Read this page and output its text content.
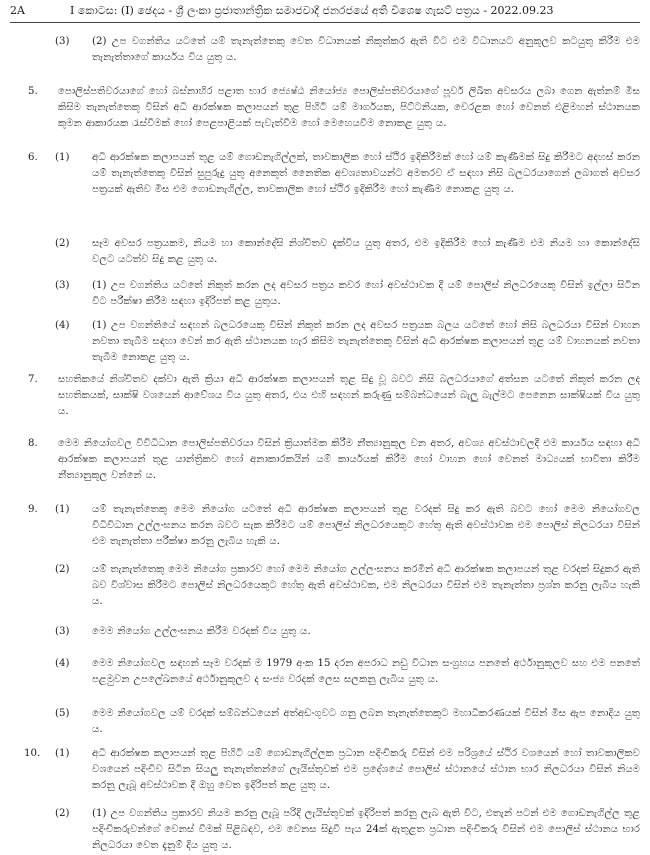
2A	I කොටස: (I) ඡෙදය - ශ්‍රී ලංකා ප්‍රජාතාන්ත්‍රික සමාජවාදී ජනරජයේ අති විශෙෂ ගැසට් පත්‍රය - 2022.09.23
(3) (2) උප වගන්තිය යටතේ යම් තැනැත්තෙකු වෙත විධානයක් නිකුත්කර ඇති විට එම විධානයට අනුකූලව කටයුතු කිරීම එම තැනැත්තාගේ කාර්යය විය යුතු ය.
5. පොලිස්පතිවරයාගේ හෝ බස්නාහිර පළාත භාර ජ්‍යෙෂ්ඨ නියෝජ්‍ය පොලිස්පතිවරයාගේ පූර්ව ලිඛිත අවසරය ලබා ගෙන ඇත්නම් මිස කිසිම තැනැත්තෙකු විසින් අධි ආරක්ෂක කලාපයන් තුළ පිහිටි යම් මාර්ගයක, පිට්ටනියක, වෙරළක හෝ වෙනත් එළිමහන් ස්ථානයක කුමන ආකාරයක රැස්වීමක් හෝ පෙළපාළියක් පැවැත්වීම හෝ මෙහෙයවීම නොකළ යුතු ය.
6. (1) අධි ආරක්ෂක කලාපයන් තුළ යම් ගොඩනැගිල්ලක්, තාවකාලික හෝ ස්ථිර ඉදිකිරීමක් හෝ යම් කැණීමක් සිදු කිරීමට අදහස් කරන යම් තැනැත්තෙකු විසින් සුපුරුදු යුතු අනෙකුත් නෛතික අවශ්‍යතාවයන්ට අමතරව ඒ සඳහා නිසි බලධරයාගෙන් ලබාගත් අවසර පත්‍රයක් ඇතිව මිස එම ගොඩනැගිල්ල, තාවකාලික හෝ ස්ථිර ඉදිකිරීම හෝ කැණීම නොකළ යුතු ය.
(2) සෑම අවසර පත්‍රයකම, නියම හා කොන්දේසි නිශ්චිතව දැක්විය යුතු අතර, එම ඉදිකිරීම හෝ කැණීම එම නියම හා කොන්දේසි වලට යටත්ව සිදු කළ යුතු ය.
(3) (1) උප වගන්තිය යටතේ නිකුත් කරන ලද අවසර පත්‍රය කවර හෝ අවස්ථාවක දී යම් පොලිස් නිලධරයෙකු විසින් ඉල්ලා සිටින විට පරීක්ෂා කිරීම සඳහා ඉදිරිපත් කළ යුතුය.
(4) (1) උප වගන්තියේ සඳහන් බලධරයෙකු විසින් නිකුත් කරන ලද අවසර පත්‍රයක බලය යටතේ හෝ නිසි බලධරයා විසින් වාහන නවතා තැබීම සඳහා වෙන් කර ඇති ස්ථානයක හැර කිසිම තැනැත්තෙකු විසින් අධි ආරක්ෂක කලාපයන් තුළ යම් වාහනයක් නවතා තැබීම නොකළ යුතු ය.
7. සහතිකයේ නිශ්චිතව දක්වා ඇති ක්‍රියා අධි ආරක්ෂක කලාපයන් තුළ සිදු වූ බවට නිසි බලධරයාගේ අත්සන යටතේ නිකුත් කරන ලද සහතිකයක්, සාක්ෂි වශයෙන් ආවේශය විය යුතු අතර, එය එහි සඳහන් කරුණු සම්බන්ධයෙන් බැලු බැල්මට පෙනෙන සාක්ෂියක් විය යුතු ය.
8. මෙම නියෝගවල විවිධිධාන පොලිස්පතිවරයා විසින් ක්‍රියාත්මක කිරීම නීත්‍යානුකූල වන අතර, අවශ්‍ය අවස්ථාවලදී එම කාර්යය සඳහා අධි ආරක්ෂක කලාපයන් තුළ යාන්ත්‍රිකව හෝ අනාකාරකයින් යම් කාර්යයක් කිරීම හෝ වාහන හෝ වෙනත් මාධ්‍යයක් භාවිතා කිරීම නීත්‍යානුකූල වන්නේ ය.
9. (1) යම් තැනැත්තෙකු මෙම නියෝග යටතේ අධි ආරක්ෂක කලාපයන් තුළ වරදක් සිදු කර ඇති බවට හෝ මෙම නියෝගවල විධිවිධාන උල්ලංඝනය කරන බවට සැක කිරීමට යම් පොලිස් නිලධරයෙකුට හේතු ඇති අවස්ථාවක එම පොලිස් නිලධරයා විසින් එම තැනැත්තා පරීක්ෂා කරනු ලැබිය හැකි ය.
(2) යම් තැනැත්තෙකු මෙම නියෝග ප්‍රකාරව හෝ මෙම නියෝග උල්ලංඝනය කරමින් අධි ආරක්ෂක කලාපයන් තුළ වරදක් සිදුකර ඇති බව විශ්වාස කිරීමට පොලිස් නිලධරයෙකුට හේතු ඇති අවස්ථාවක, එම නිලධරයා විසින් එම තැනැත්තා ප්‍රශ්න කරනු ලැබිය හැකි ය.
(3) මෙම නියෝග උල්ලංඝනය කිරීම වරදක් විය යුතු ය.
(4) මෙම නියෝගවල සඳහන් සෑම වරදක් ම 1979 අංක 15 දරන අපරාධ නඩු විධාන සංග්‍රහය පනතේ අර්ථානුකූලව සහ එම පනතේ පළමුවන උපලේඛනයේ අර්ථානුකූලව ද සංජ්‍ය වරදක් ලෙස සලකනු ලැබිය යුතු ය.
(5) මෙම නියෝගවල යම් වරදක් සම්බන්ධයෙන් අත්අඩංගුවට ගනු ලබන තැනැත්තෙකුට මහාධිකරණයක් විසින් මිස ඇප නොදිය යුතු ය.
10. (1) අධි ආරක්ෂක කලාපයන් තුළ පිහිටි යම් ගොඩනැගිල්ලක ප්‍රධාන පදිංචිකරු විසින් එම පරිශ්‍රයේ ස්ථිර වශයෙන් හෝ තාවකාලිකව වශයෙන් පදිංචිව සිටින සියලු තැනැත්තන්ගේ ලැයිස්තුවක් එම ප්‍රදේශයේ පොලිස් ස්ථානයේ ස්ථාන භාර නිලධරයා විසින් නියම කරනු ලැබූ අවස්ථාවක දී ඔහු වෙත ඉදිරිපත් කළ යුතු ය.
(2) (1) උප වගන්තිය ප්‍රකාරව නියම කරනු ලැබූ පරිදි ලැයිස්තුවක් ඉදිරිපත් කරනු ලැබ ඇති විට, එතැන් පටන් එම ගොඩනැගිල්ල තුළ පදිංචිකරුවන්ගේ වෙනස් වීමක් පිළිබඳව, එම වෙනස සිදුවී පැය 24ක් ඇතුළත ප්‍රධාන පදිංචිකරු විසින් එම පොලිස් ස්ථානය භාර නිලධරයා වෙත දැනුම් දිය යුතු ය.
